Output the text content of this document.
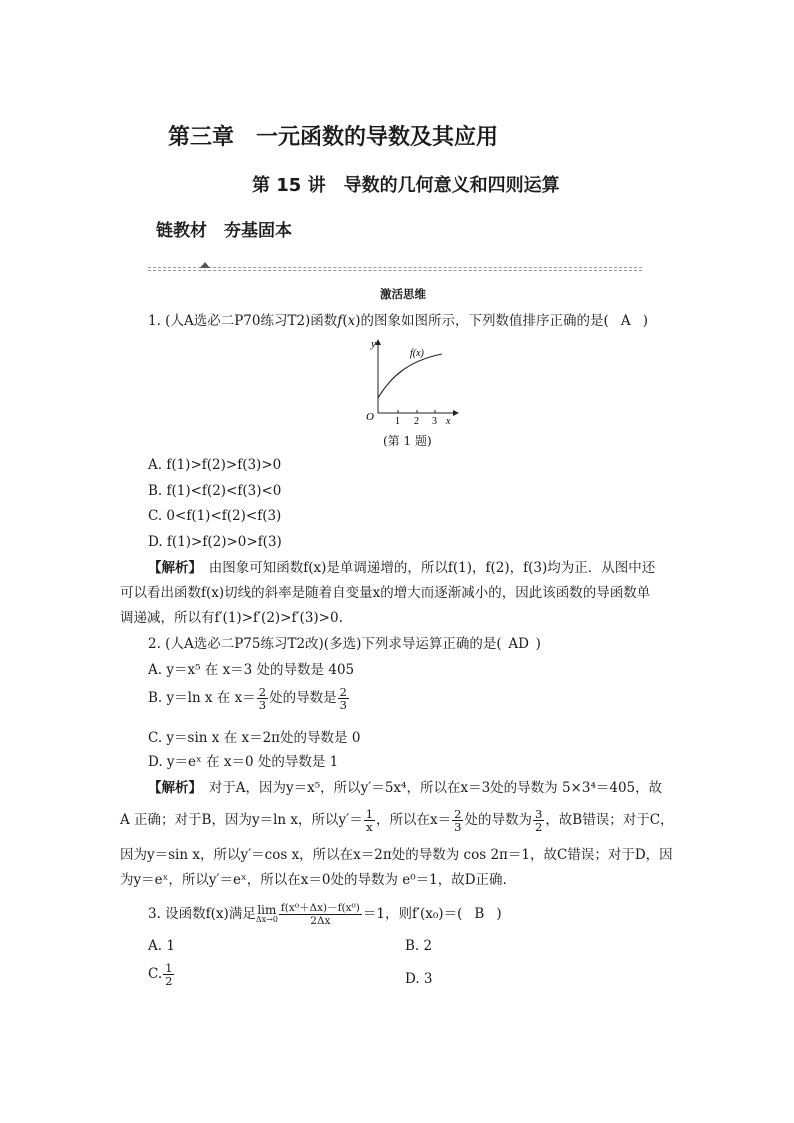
第三章　一元函数的导数及其应用
第 15 讲　导数的几何意义和四则运算
链教材　夯基固本
激活思维
1. (人A选必二P70练习T2)函数f(x)的图象如图所示，下列数值排序正确的是( A )
O
y
x
1 2 3
f(x)
(第 1 题)
A. f(1)>f(2)>f(3)>0
B. f(1)<f(2)<f(3)<0
C. 0<f(1)<f(2)<f(3)
D. f(1)>f(2)>0>f(3)
【解析】　 由图象可知函数f(x)是单调递增的，所以f(1)，f(2)，f(3)均为正．从图中还
可以看出函数f(x)切线的斜率是随着自变量x的增大而逐渐减小的，因此该函数的导函数单
调递减，所以有f′(1)>f′(2)>f′(3)>0.
2. (人A选必二P75练习T2改)(多选)下列求导运算正确的是( AD )
A. y＝x⁵ 在 x＝3 处的导数是 405
B. y＝ln x 在 $x= \frac{2}{3}$ 处的导数是 $\frac{2}{3}$
C. y＝sin x 在 x＝2π处的导数是 0
D. y＝eˣ 在 x＝0 处的导数是 1
【解析】　 对于A，因为y＝x⁵，所以y′＝5x⁴，所以在x＝3处的导数为 5×3⁴＝405，故
A 正确；对于B，因为y＝ln x，所以$y'= \frac{1}{x}$ ，所以在$x= \frac{2}{3}$ 处的导数为 $\frac{3}{2}$ ，故B错误；对于C，
因为y＝sin x，所以y′＝cos x，所以在x＝2π处的导数为 cos 2π＝1，故C错误；对于D，因
为y＝eˣ，所以y′＝eˣ，所以在x＝0处的导数为 e⁰＝1，故D正确.
3. 设函数f(x)满足 lim
$\Delta x\to 0 \frac{\text{f(x⁰＋Δx)－f(x⁰)}}{2\Delta x} =1$，则f′(x₀)＝( B )
A. 1	B. 2
C. $\frac{1}{2}$	D. 3
